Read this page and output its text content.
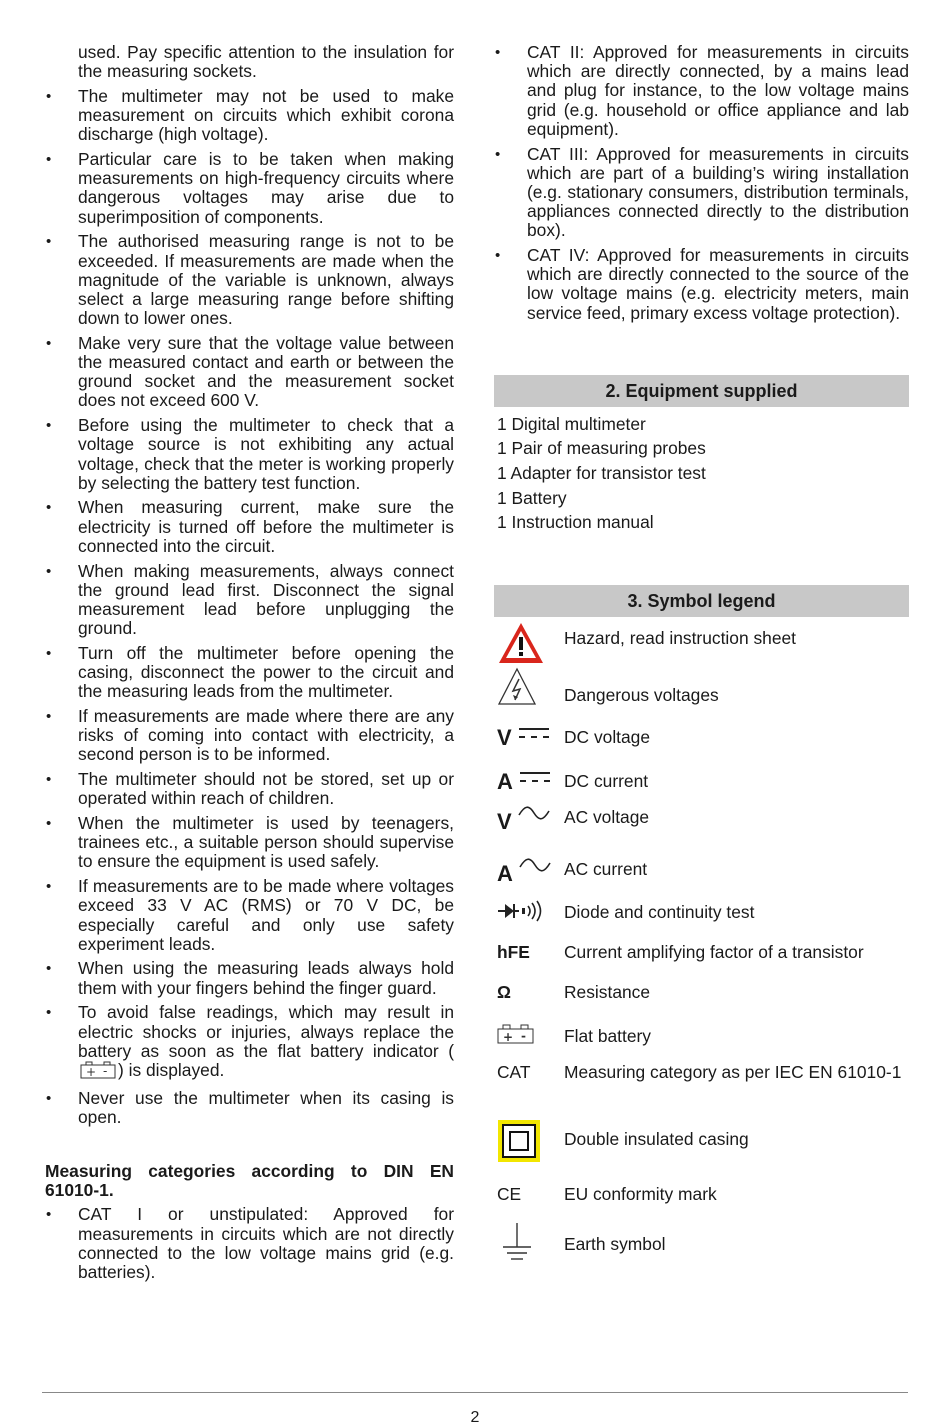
used. Pay specific attention to the insulation for the measuring sockets.

• The multimeter may not be used to make measurement on circuits which exhibit corona discharge (high voltage).
• Particular care is to be taken when making measurements on high-frequency circuits where dangerous voltages may arise due to superimposition of components.
• The authorised measuring range is not to be exceeded. If measurements are made when the magnitude of the variable is unknown, always select a large measuring range before shifting down to lower ones.
• Make very sure that the voltage value between the measured contact and earth or between the ground socket and the measurement socket does not exceed 600 V.
• Before using the multimeter to check that a voltage source is not exhibiting any actual voltage, check that the meter is working properly by selecting the battery test function.
• When measuring current, make sure the electricity is turned off before the multimeter is connected into the circuit.
• When making measurements, always connect the ground lead first. Disconnect the signal measurement lead before unplugging the ground.
• Turn off the multimeter before opening the casing, disconnect the power to the circuit and the measuring leads from the multimeter.
• If measurements are made where there are any risks of coming into contact with electricity, a second person is to be informed.
• The multimeter should not be stored, set up or operated within reach of children.
• When the multimeter is used by teenagers, trainees etc., a suitable person should supervise to ensure the equipment is used safely.
• If measurements are to be made where voltages exceed 33 V AC (RMS) or 70 V DC, be especially careful and only use safety experiment leads.
• When using the measuring leads always hold them with your fingers behind the finger guard.
• To avoid false readings, which may result in electric shocks or injuries, always replace the battery as soon as the flat battery indicator (
+ - ) is displayed.
• Never use the multimeter when its casing is open.
Measuring categories according to DIN EN 61010-1.
• CAT I or unstipulated: Approved for measurements in circuits which are not directly connected to the low voltage mains grid (e.g. batteries).
• CAT II: Approved for measurements in circuits which are directly connected, by a mains lead and plug for instance, to the low voltage mains grid (e.g. household or office appliance and lab equipment).
• CAT III: Approved for measurements in circuits which are part of a building’s wiring installation (e.g. stationary consumers, distribution terminals, appliances connected directly to the distribution box).
• CAT IV: Approved for measurements in circuits which are directly connected to the source of the low voltage mains (e.g. electricity meters, main service feed, primary excess voltage protection).
2. Equipment supplied
1 Digital multimeter
1 Pair of measuring probes
1 Adapter for transistor test
1 Battery
1 Instruction manual
3. Symbol legend
Hazard, read instruction sheet
Dangerous voltages
V	DC voltage
A	DC current
V	AC voltage
A	AC current
Diode and continuity test
hFE	Current amplifying factor of a transistor
Ω	Resistance
+ - Flat battery
CAT	Measuring category as per IEC EN 61010-1
Double insulated casing
CE	EU conformity mark
Earth symbol
2
